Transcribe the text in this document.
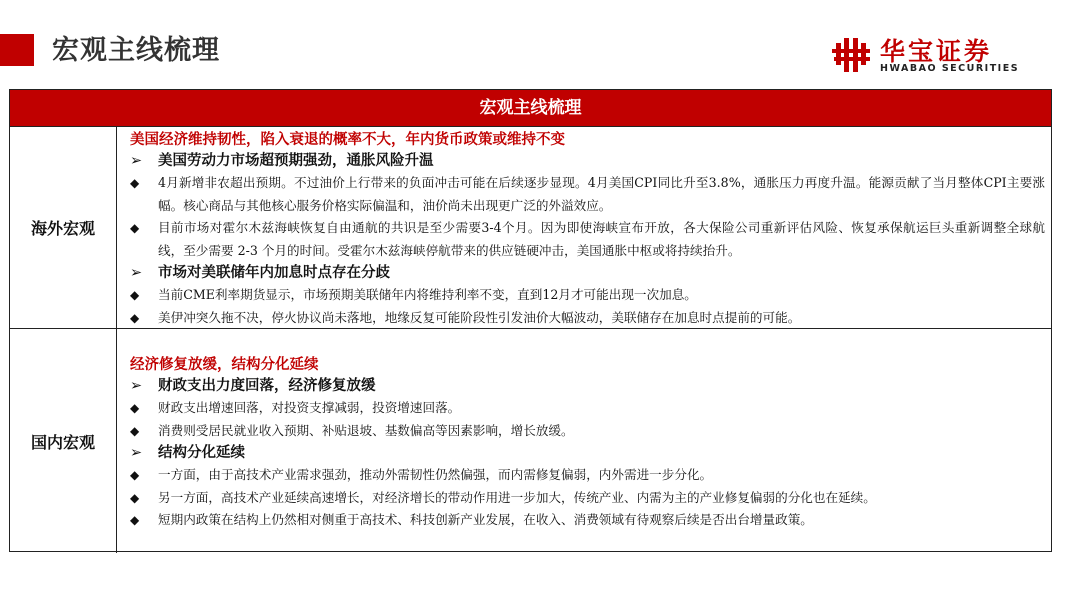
宏观主线梳理	华宝证券
HWABAO SECURITIES
宏观主线梳理
海外宏观
美国经济维持韧性，陷入衰退的概率不大，年内货币政策或维持不变
➢	美国劳动力市场超预期强劲，通胀风险升温
◆	4月新增非农超出预期。不过油价上行带来的负面冲击可能在后续逐步显现。4月美国CPI同比升至3.8%，通胀压力再度升温。能源贡献了当月整体CPI主要涨幅。核心商品与其他核心服务价格实际偏温和，油价尚未出现更广泛的外溢效应。
◆	目前市场对霍尔木兹海峡恢复自由通航的共识是至少需要3-4个月。因为即使海峡宣布开放，各大保险公司重新评估风险、恢复承保航运巨头重新调整全球航线，至少需要 2-3 个月的时间。受霍尔木兹海峡停航带来的供应链硬冲击，美国通胀中枢或将持续抬升。
➢	市场对美联储年内加息时点存在分歧
◆	当前CME利率期货显示，市场预期美联储年内将维持利率不变，直到12月才可能出现一次加息。
◆	美伊冲突久拖不决，停火协议尚未落地，地缘反复可能阶段性引发油价大幅波动，美联储存在加息时点提前的可能。
国内宏观
经济修复放缓，结构分化延续
➢	财政支出力度回落，经济修复放缓
◆	财政支出增速回落，对投资支撑减弱，投资增速回落。
◆	消费则受居民就业收入预期、补贴退坡、基数偏高等因素影响，增长放缓。
➢	结构分化延续
◆	一方面，由于高技术产业需求强劲，推动外需韧性仍然偏强，而内需修复偏弱，内外需进一步分化。
◆	另一方面，高技术产业延续高速增长，对经济增长的带动作用进一步加大，传统产业、内需为主的产业修复偏弱的分化也在延续。
◆	短期内政策在结构上仍然相对侧重于高技术、科技创新产业发展，在收入、消费领域有待观察后续是否出台增量政策。
